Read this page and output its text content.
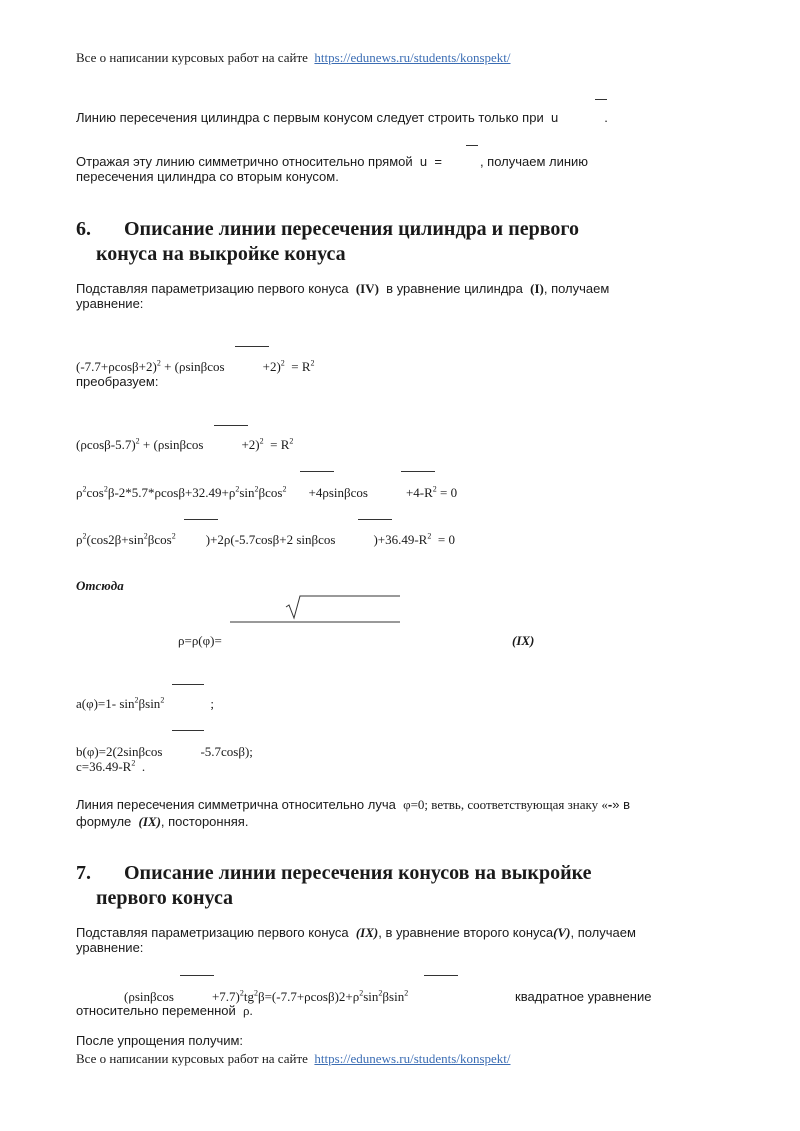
Все о написании курсовых работ на сайте https://edunews.ru/students/konspekt/
Линию пересечения цилиндра с первым конусом следует строить только при u	.
Отражая эту линию симметрично относительно прямой u =	, получаем линию
пересечения цилиндра со вторым конусом.
6. Описание линии пересечения цилиндра и первого
конуса на выкройке конуса
Подставляя параметризацию первого конуса (IV) в уравнение цилиндра (I), получаем
уравнение:
$(-7.7+\rho\cos\beta+2)^2 + (\rho\sin\beta\cos$	$+2)^2 = R^2$
преобразуем:
$(\rho\cos\beta-5.7)^2 + (\rho\sin\beta\cos$	$+2)^2 = R^2$
$\rho^2\cos^2\beta-2*5.7*\rho\cos\beta+32.49+\rho^2\sin^2\beta\cos^2 +4\rho\sin\beta\cos$	$+4-R^2 = 0$
$\rho^2(\cos 2\beta+\sin^2\beta\cos^2$ )+2ρ(-5.7cosβ+2 sinβcos	)$+36.49-R^2 = 0$
Отсюда
ρ=ρ(φ)=	(IX)
a(φ)=1- $\sin^2\beta\sin^2$	;
b(φ)=2(2sinβcos	-5.7cosβ);
$c=36.49-R^2$ .
Линия пересечения симметрична относительно луча φ=0; ветвь, соответствующая знаку «-» в
формуле (IX), посторонняя.
7. Описание линии пересечения конусов на выкройке
первого конуса
Подставляя параметризацию первого конуса (IX), в уравнение второго конуса(V), получаем
уравнение:
(ρsinβcos	$+7.7)^2tg^2\beta=(-7.7+\rho\cos\beta)2+\rho^2\sin^2\beta\sin^2$	квадратное уравнение
относительно переменной ρ.
После упрощения получим:
Все о написании курсовых работ на сайте https://edunews.ru/students/konspekt/
